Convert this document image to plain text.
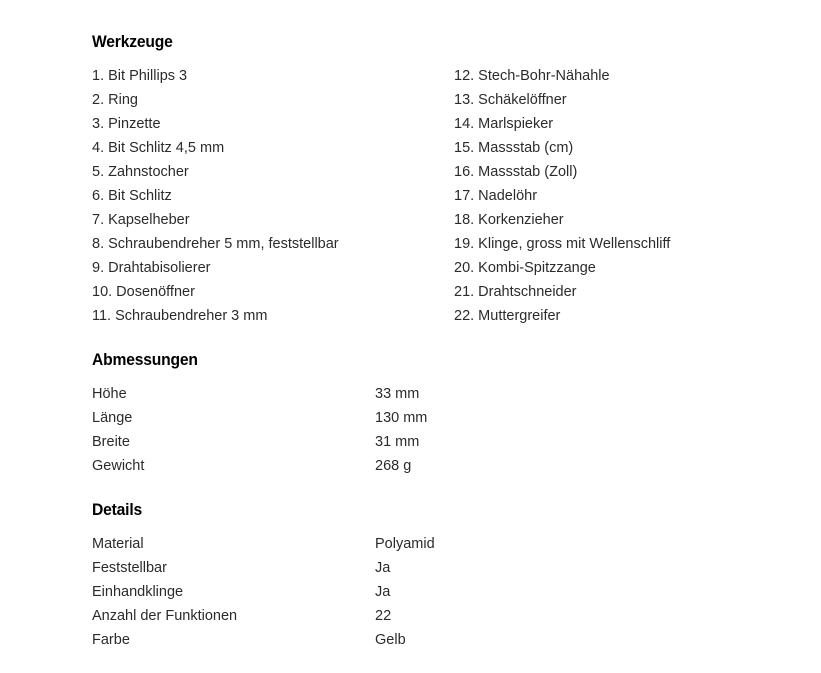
Werkzeuge
1. Bit Phillips 3
2. Ring
3. Pinzette
4. Bit Schlitz 4,5 mm
5. Zahnstocher
6. Bit Schlitz
7. Kapselheber
8. Schraubendreher 5 mm, feststellbar
9. Drahtabisolierer
10. Dosenöffner
11. Schraubendreher 3 mm
12. Stech-Bohr-Nähahle
13. Schäkelöffner
14. Marlspieker
15. Massstab (cm)
16. Massstab (Zoll)
17. Nadelöhr
18. Korkenzieher
19. Klinge, gross mit Wellenschliff
20. Kombi-Spitzzange
21. Drahtschneider
22. Muttergreifer
Abmessungen
Höhe	33 mm
Länge	130 mm
Breite	31 mm
Gewicht	268 g
Details
Material	Polyamid
Feststellbar	Ja
Einhandklinge	Ja
Anzahl der Funktionen	22
Farbe	Gelb
